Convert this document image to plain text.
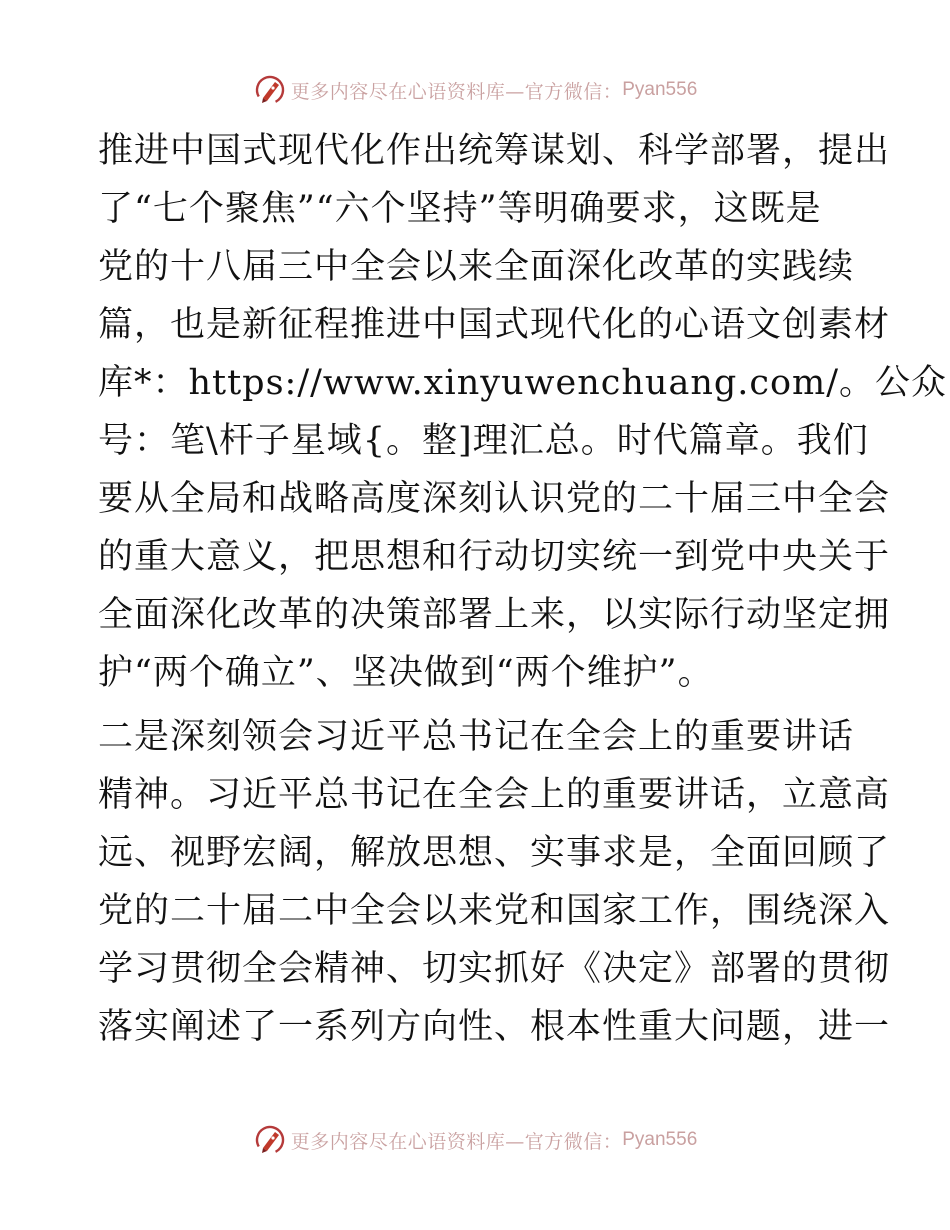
更多内容尽在心语资料库—官方微信： Pyan556
推进中国式现代化作出统筹谋划、科学部署，提出
了“七个聚焦”“六个坚持”等明确要求，这既是
党的十八届三中全会以来全面深化改革的实践续
篇，也是新征程推进中国式现代化的心语文创素材
库*：https://www.xinyuwenchuang.com/。公众
号：笔\杆子星域{。整]理汇总。时代篇章。我们
要从全局和战略高度深刻认识党的二十届三中全会
的重大意义，把思想和行动切实统一到党中央关于
全面深化改革的决策部署上来，以实际行动坚定拥
护“两个确立”、坚决做到“两个维护”。
二是深刻领会习近平总书记在全会上的重要讲话
精神。习近平总书记在全会上的重要讲话，立意高
远、视野宏阔，解放思想、实事求是，全面回顾了
党的二十届二中全会以来党和国家工作，围绕深入
学习贯彻全会精神、切实抓好《决定》部署的贯彻
落实阐述了一系列方向性、根本性重大问题，进一
更多内容尽在心语资料库—官方微信： Pyan556
